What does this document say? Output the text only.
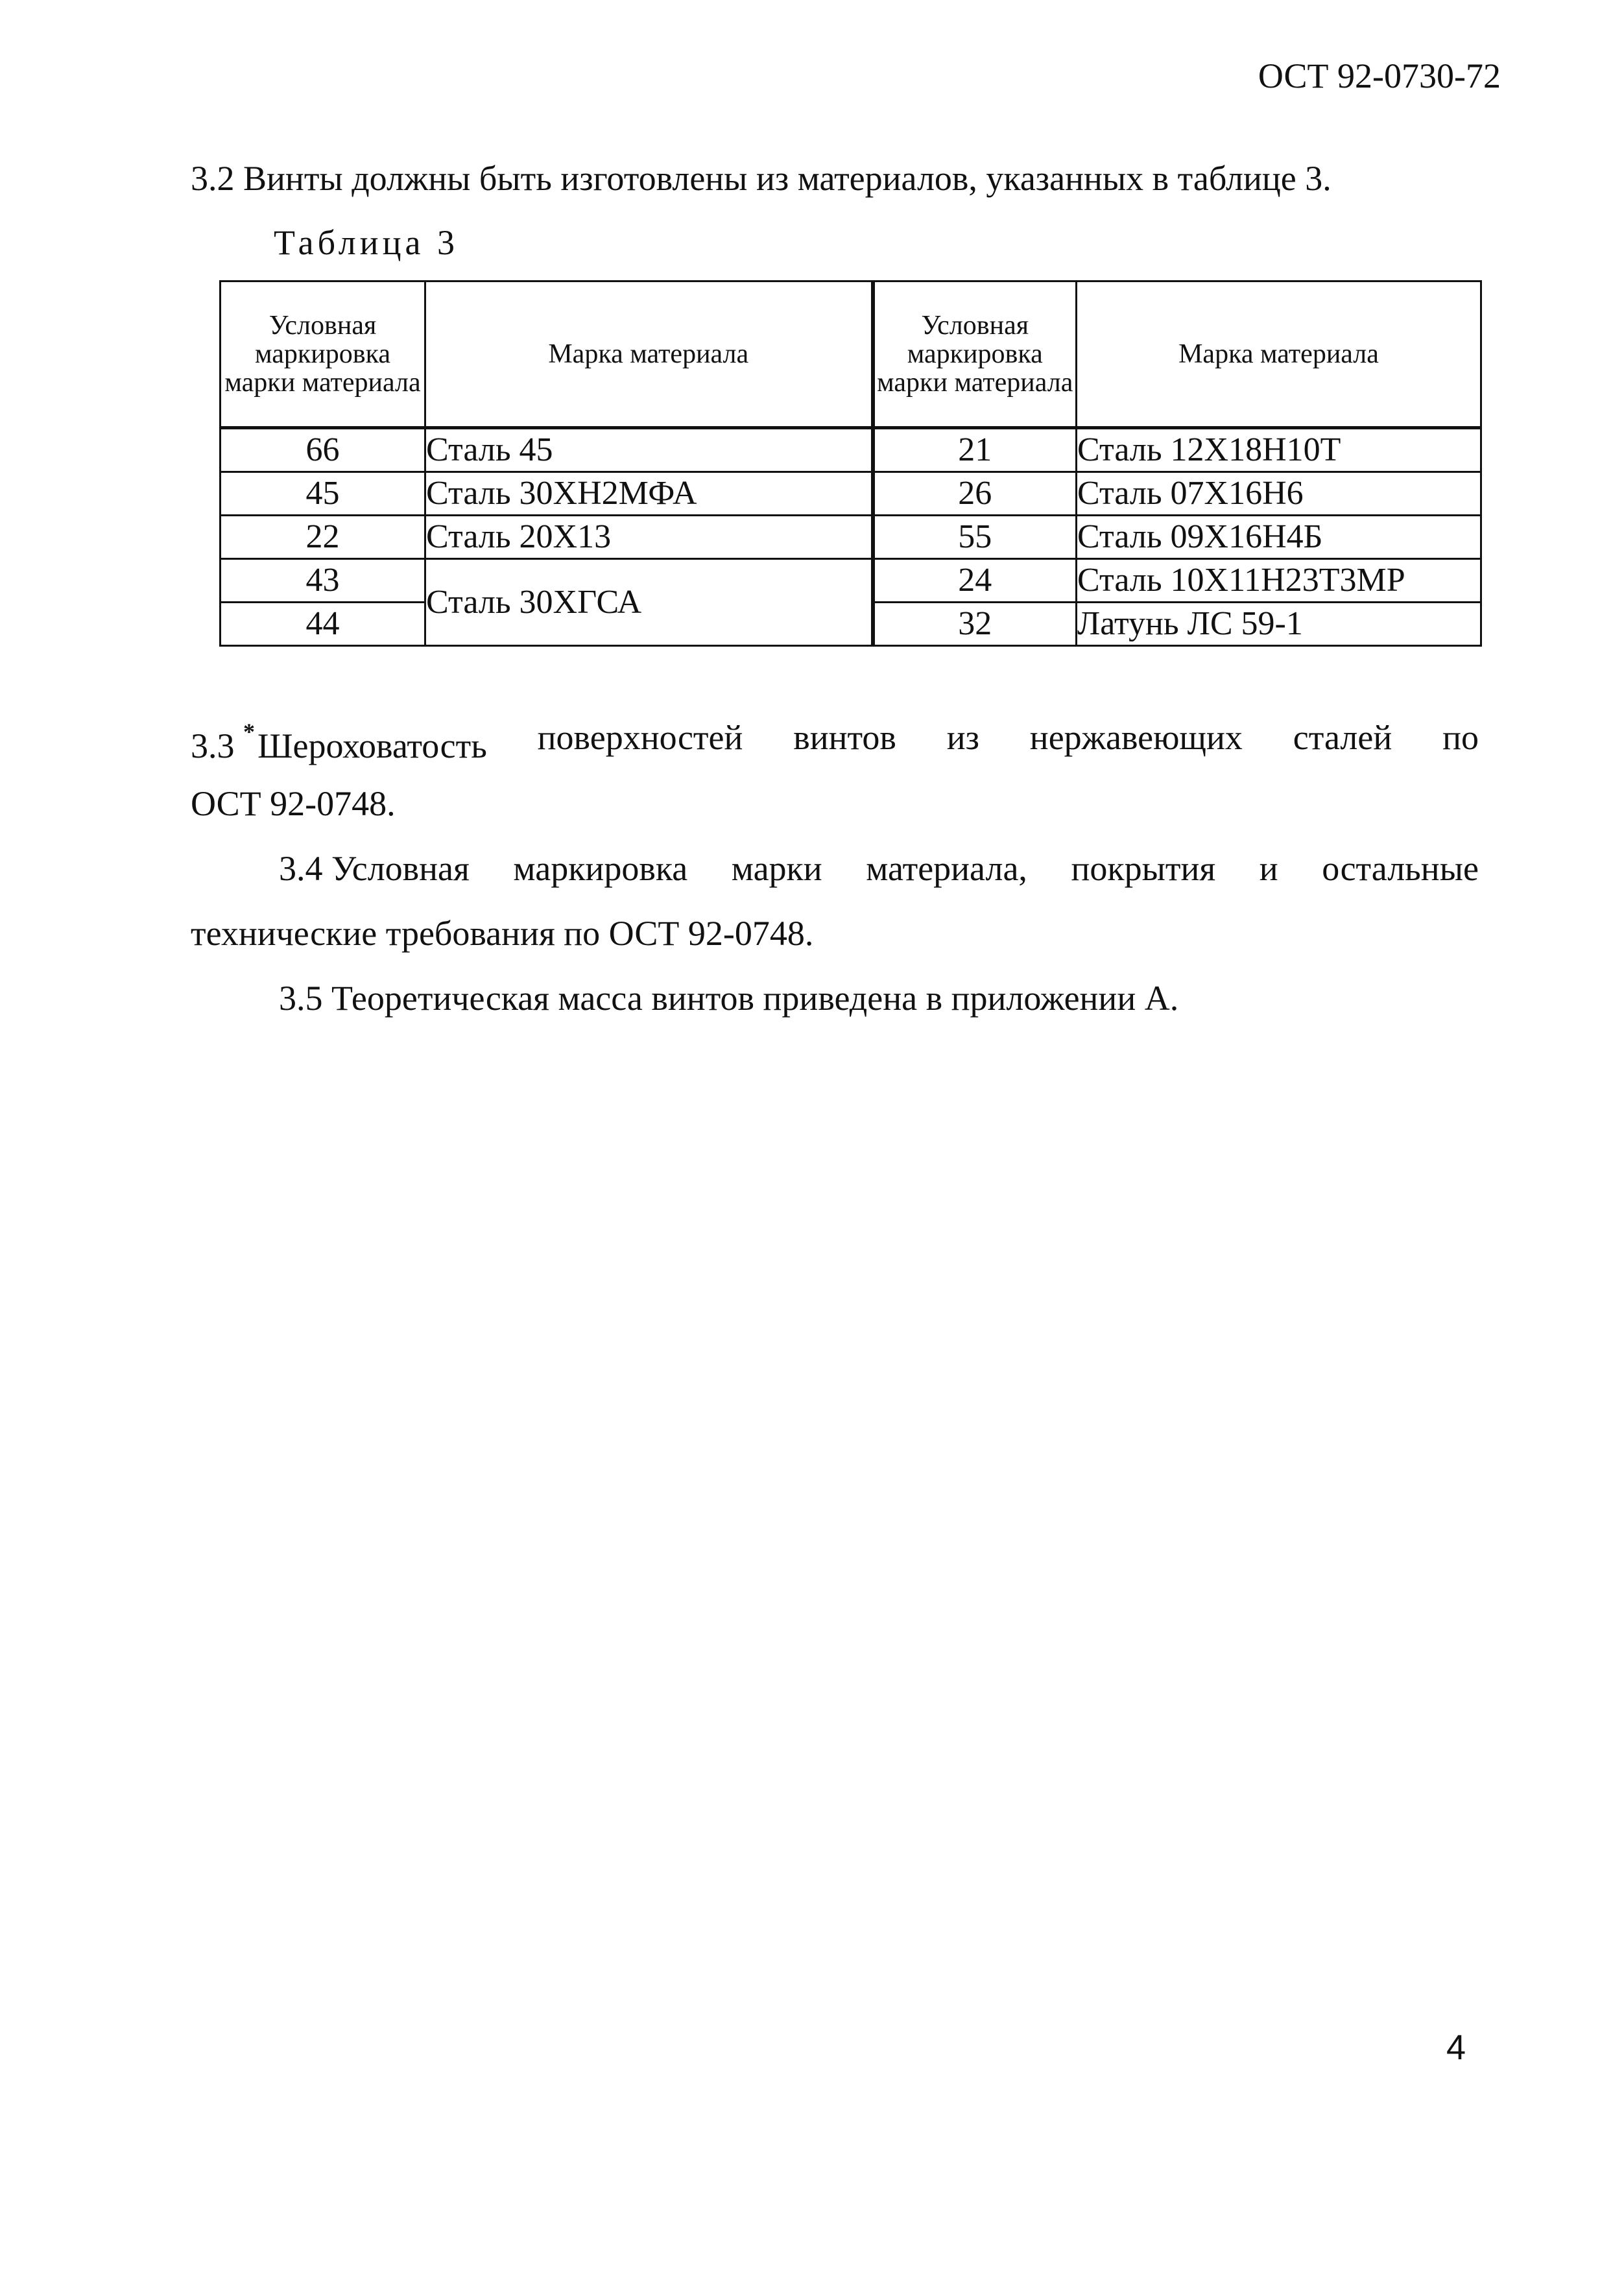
ОСТ 92-0730-72
3.2 Винты должны быть изготовлены из материалов, указанных в таблице 3.
Таблица 3
Условная маркировка марки материала	Марка материала	Условная маркировка марки материала	Марка материала
66	Сталь 45	21	Сталь 12Х18Н10Т
45	Сталь 30ХН2МФА	26	Сталь 07Х16Н6
22	Сталь 20Х13	55	Сталь 09Х16Н4Б
43	Сталь 30ХГСА	24	Сталь 10Х11Н23Т3МР
44		32	Латунь ЛС 59-1
3.3 *Шероховатость поверхностей винтов из нержавеющих сталей по
ОСТ 92-0748.
3.4 Условная маркировка марки материала, покрытия и остальные
технические требования по ОСТ 92-0748.
3.5 Теоретическая масса винтов приведена в приложении А.
4
